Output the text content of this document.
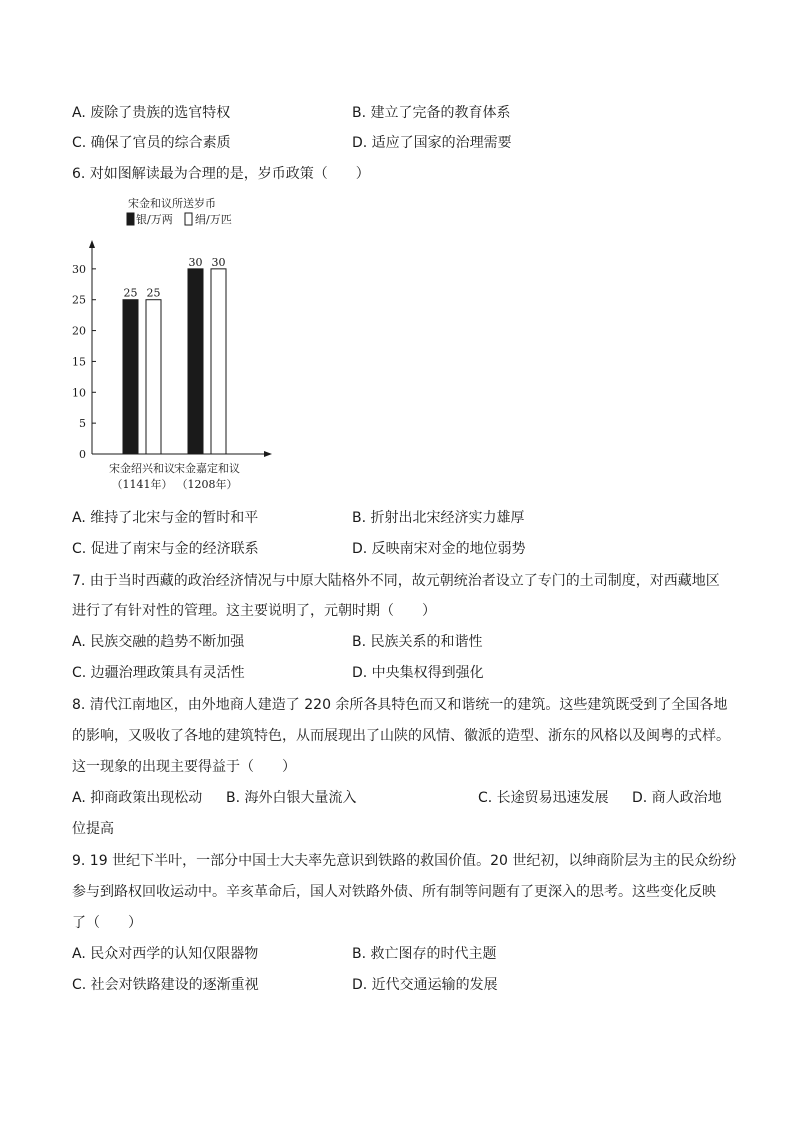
A. 废除了贵族的选官特权	B. 建立了完备的教育体系
C. 确保了官员的综合素质	D. 适应了国家的治理需要
6. 对如图解读最为合理的是，岁币政策（　　）
宋金和议所送岁币
银/万两 绢/万匹
0
5
10
15
20
25
30
25 25
30 30
宋金绍兴和议
（1141年）
宋金嘉定和议
（1208年）
A. 维持了北宋与金的暂时和平	B. 折射出北宋经济实力雄厚
C. 促进了南宋与金的经济联系	D. 反映南宋对金的地位弱势
7. 由于当时西藏的政治经济情况与中原大陆格外不同，故元朝统治者设立了专门的土司制度，对西藏地区
进行了有针对性的管理。这主要说明了，元朝时期（　　）
A. 民族交融的趋势不断加强	B. 民族关系的和谐性
C. 边疆治理政策具有灵活性	D. 中央集权得到强化
8. 清代江南地区，由外地商人建造了 220 余所各具特色而又和谐统一的建筑。这些建筑既受到了全国各地
的影响，又吸收了各地的建筑特色，从而展现出了山陕的风情、徽派的造型、浙东的风格以及闽粤的式样。
这一现象的出现主要得益于（　　）
A. 抑商政策出现松动 B. 海外白银大量流入	C. 长途贸易迅速发展 D. 商人政治地
位提高
9. 19 世纪下半叶，一部分中国士大夫率先意识到铁路的救国价值。20 世纪初，以绅商阶层为主的民众纷纷
参与到路权回收运动中。辛亥革命后，国人对铁路外债、所有制等问题有了更深入的思考。这些变化反映
了（　　）
A. 民众对西学的认知仅限器物	B. 救亡图存的时代主题
C. 社会对铁路建设的逐渐重视	D. 近代交通运输的发展
